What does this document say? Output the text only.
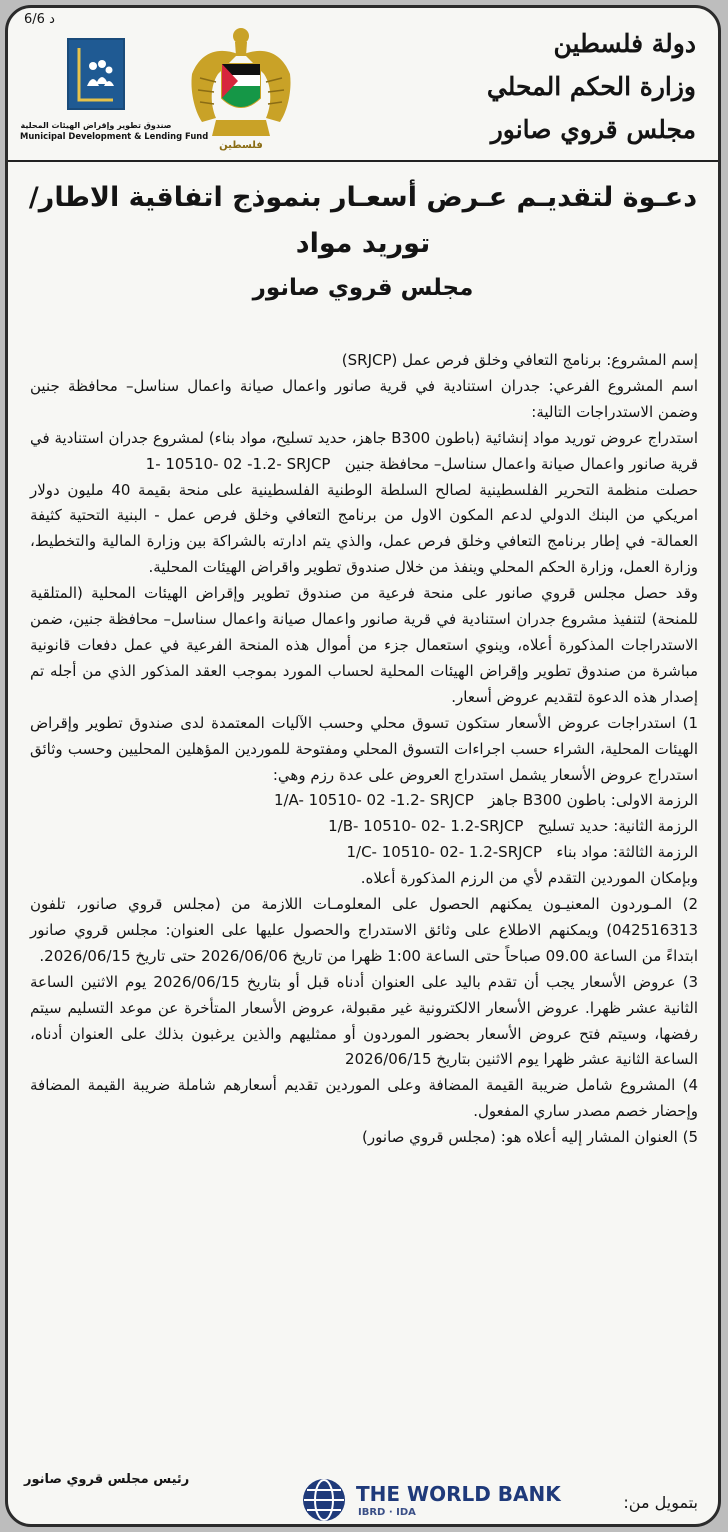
6/6 د
دولة فلسطين
وزارة الحكم المحلي
مجلس قروي صانور
فلسطين
صندوق تطوير وإقراض الهيئات المحلية
Municipal Development & Lending Fund
دعـوة لتقديـم عـرض أسعـار بنموذج اتفاقية الاطار/
توريد مواد
مجلس قروي صانور

إسم المشروع: برنامج التعافي وخلق فرص عمل (SRJCP)

اسم المشروع الفرعي: جدران استنادية في قرية صانور واعمال صيانة واعمال سناسل– محافظة جنين وضمن الاستدراجات التالية:

استدراج عروض توريد مواد إنشائية (باطون B300 جاهز، حديد تسليح، مواد بناء) لمشروع جدران استنادية في قرية صانور واعمال صيانة واعمال سناسل– محافظة جنين   1- 10510- 02 -1.2- SRJCP

حصلت منظمة التحرير الفلسطينية لصالح السلطة الوطنية الفلسطينية على منحة بقيمة 40 مليون دولار امريكي من البنك الدولي لدعم المكون الاول من برنامج التعافي وخلق فرص عمل - البنية التحتية كثيفة العمالة- في إطار برنامج التعافي وخلق فرص عمل، والذي يتم ادارته بالشراكة بين وزارة المالية والتخطيط، وزارة العمل، وزارة الحكم المحلي وينفذ من خلال صندوق تطوير واقراض الهيئات المحلية.

وقد حصل مجلس قروي صانور على منحة فرعية من صندوق تطوير وإقراض الهيئات المحلية (المتلقية للمنحة) لتنفيذ مشروع جدران استنادية في قرية صانور واعمال صيانة واعمال سناسل– محافظة جنين، ضمن الاستدراجات المذكورة أعلاه، وينوي استعمال جزء من أموال هذه المنحة الفرعية في عمل دفعات قانونية مباشرة من صندوق تطوير وإقراض الهيئات المحلية لحساب المورد بموجب العقد المذكور الذي من أجله تم إصدار هذه الدعوة لتقديم عروض أسعار.

1) استدراجات عروض الأسعار ستكون تسوق محلي وحسب الآليات المعتمدة لدى صندوق تطوير وإقراض الهيئات المحلية، الشراء حسب اجراءات التسوق المحلي ومفتوحة للموردين المؤهلين المحليين وحسب وثائق استدراج عروض الأسعار يشمل استدراج العروض على عدة رزم وهي:

الرزمة الاولى: باطون B300 جاهز   1/A- 10510- 02 -1.2- SRJCP

الرزمة الثانية: حديد تسليح   1/B- 10510- 02- 1.2-SRJCP

الرزمة الثالثة: مواد بناء   1/C- 10510- 02- 1.2-SRJCP

وبإمكان الموردين التقدم لأي من الرزم المذكورة أعلاه.

2) المـوردون المعنيـون يمكنهم الحصول على المعلومـات اللازمة من (مجلس قروي صانور، تلفون 042516313) ويمكنهم الاطلاع على وثائق الاستدراج والحصول عليها على العنوان: مجلس قروي صانور ابتداءً من الساعة 09.00 صباحاً حتى الساعة 1:00 ظهرا من تاريخ 2026/06/06 حتى تاريخ 2026/06/15.

3) عروض الأسعار يجب أن تقدم باليد على العنوان أدناه قبل أو بتاريخ 2026/06/15 يوم الاثنين الساعة الثانية عشر ظهرا. عروض الأسعار الالكترونية غير مقبولة، عروض الأسعار المتأخرة عن موعد التسليم سيتم رفضها، وسيتم فتح عروض الأسعار بحضور الموردون أو ممثليهم والذين يرغبون بذلك على العنوان أدناه، الساعة الثانية عشر ظهرا يوم الاثنين بتاريخ 2026/06/15

4) المشروع شامل ضريبة القيمة المضافة وعلى الموردين تقديم أسعارهم شاملة ضريبة القيمة المضافة وإحضار خصم مصدر ساري المفعول.

5) العنوان المشار إليه أعلاه هو: (مجلس قروي صانور)

رئيس مجلس قروي صانور
THE WORLD BANK
IBRD · IDA
بتمويل من:
